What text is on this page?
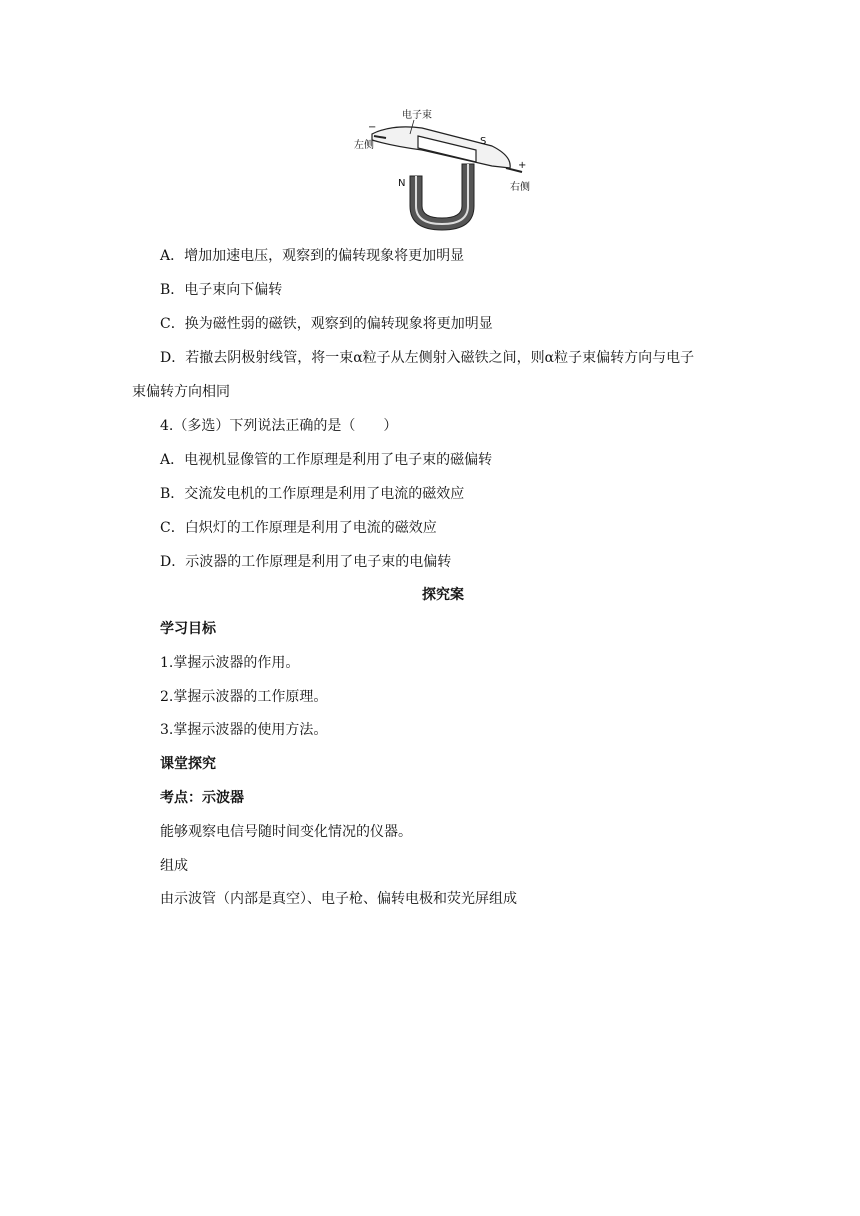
电子束
左侧
右侧
S
N
−
+
A．增加加速电压，观察到的偏转现象将更加明显
B．电子束向下偏转
C．换为磁性弱的磁铁，观察到的偏转现象将更加明显
D．若撤去阴极射线管，将一束α粒子从左侧射入磁铁之间，则α粒子束偏转方向与电子
束偏转方向相同
4.（多选）下列说法正确的是（　　）
A．电视机显像管的工作原理是利用了电子束的磁偏转
B．交流发电机的工作原理是利用了电流的磁效应
C．白炽灯的工作原理是利用了电流的磁效应
D．示波器的工作原理是利用了电子束的电偏转
探究案
学习目标
1.掌握示波器的作用。
2.掌握示波器的工作原理。
3.掌握示波器的使用方法。
课堂探究
考点：示波器
能够观察电信号随时间变化情况的仪器。
组成
由示波管（内部是真空）、电子枪、偏转电极和荧光屏组成
